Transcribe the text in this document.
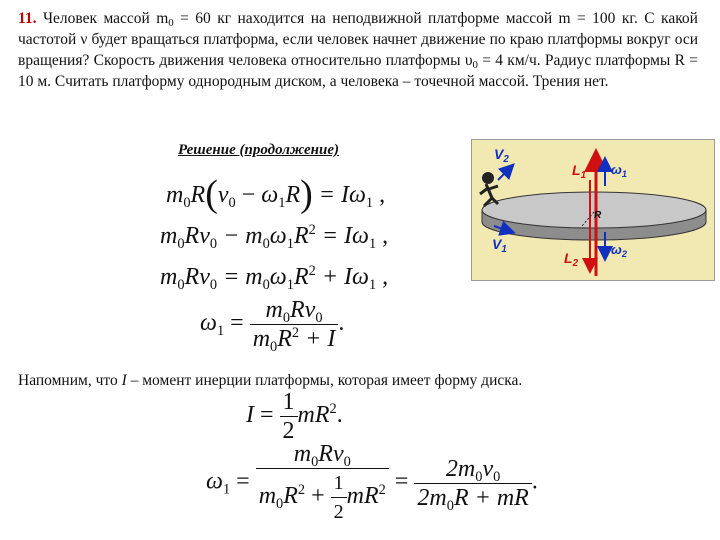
11. Человек массой $m_0 = 60$ кг находится на неподвижной платформе массой m = 100 кг. С какой частотой ν будет вращаться платформа, если человек начнет движение по краю платформы вокруг оси вращения? Скорость движения человека относительно платформы $\upsilon_0 = 4$ км/ч. Радиус платформы R = 10 м. Считать платформу однородным диском, а человека – точечной массой. Трения нет.
Решение (продолжение)
$m_0R(v_0 - \omega_1R) = I\omega_1$ ,
$m_0Rv_0 - m_0\omega_1R^2 = I\omega_1$ ,
$m_0Rv_0 = m_0\omega_1R^2 + I\omega_1$ ,
$\omega_1 = \frac{m_0Rv_0}{m_0R^2 + I}$ .
Напомним, что I – момент инерции платформы, которая имеет форму диска.
$I = \frac{1}{2} mR^2$.
$\omega_1 = \frac{m_0Rv_0}{m_0R^2 + \frac{1}{2} mR^2} = \frac{2m_0v_0}{2m_0R + mR}$ .
$V_2$
$V_1$
$L_1$
$L_2$
$\omega_1$
$\omega_2$
R
